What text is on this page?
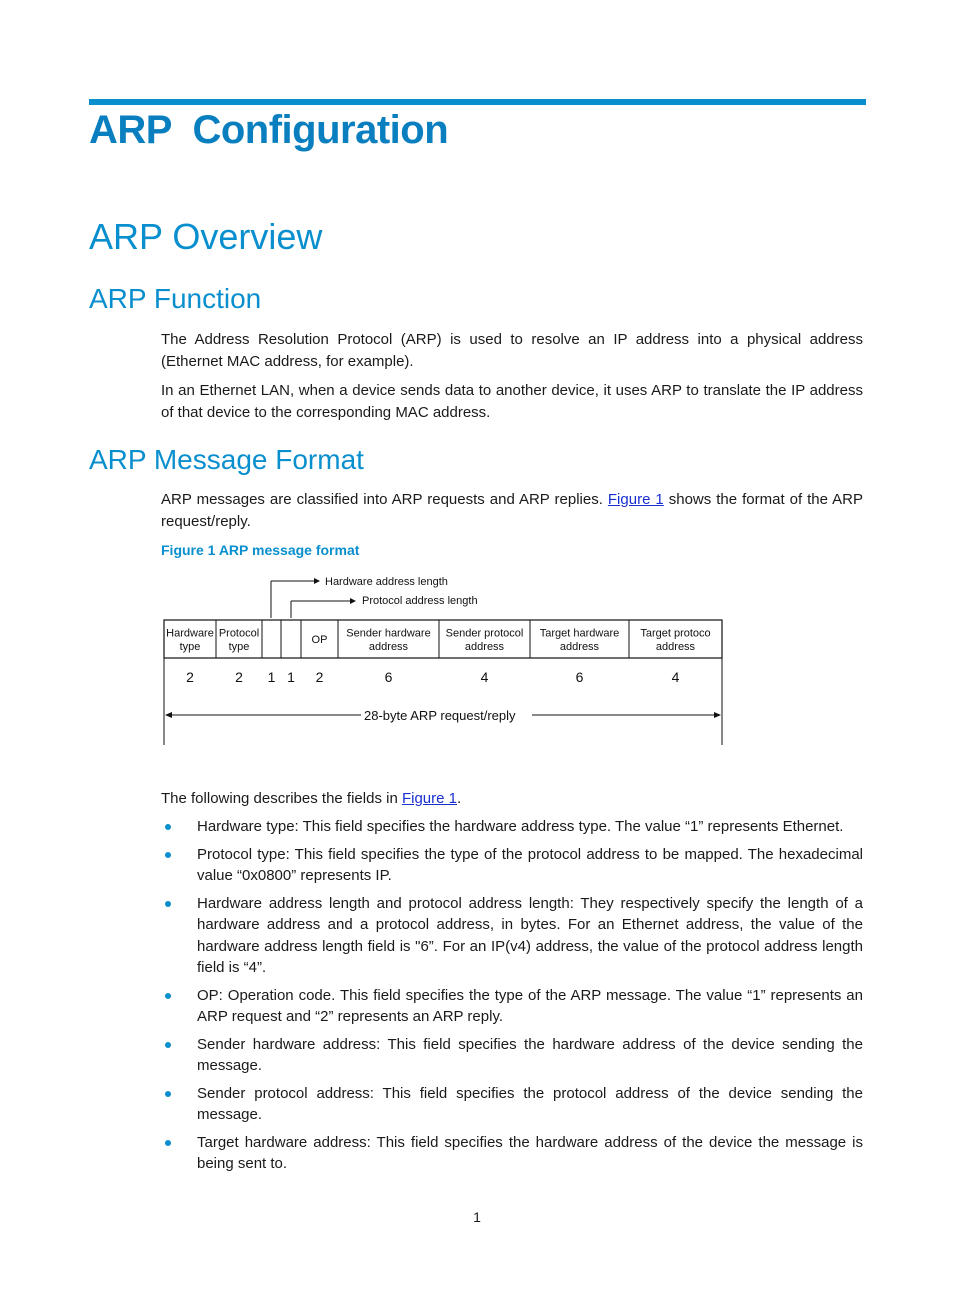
ARP  Configuration
ARP Overview
ARP Function

The Address Resolution Protocol (ARP) is used to resolve an IP address into a physical address (Ethernet MAC address, for example).

In an Ethernet LAN, when a device sends data to another device, it uses ARP to translate the IP address of that device to the corresponding MAC address.

ARP Message Format

ARP messages are classified into ARP requests and ARP replies. Figure 1 shows the format of the ARP request/reply.

Figure 1 ARP message format

Hardware address length
Protocol address length
Hardware
type
2
Protocol
type
2 1 1
OP
2
Sender hardware
address
6
Sender protocol
address
4
Target hardware
address
6
Target protoco
address
4
28-byte ARP request/reply

The following describes the fields in Figure 1.

Hardware type: This field specifies the hardware address type. The value “1” represents Ethernet.
Protocol type: This field specifies the type of the protocol address to be mapped. The hexadecimal value “0x0800” represents IP.
Hardware address length and protocol address length: They respectively specify the length of a hardware address and a protocol address, in bytes. For an Ethernet address, the value of the hardware address length field is "6”. For an IP(v4) address, the value of the protocol address length field is “4”.
OP: Operation code. This field specifies the type of the ARP message. The value “1” represents an ARP request and “2” represents an ARP reply.
Sender hardware address: This field specifies the hardware address of the device sending the message.
Sender protocol address: This field specifies the protocol address of the device sending the message.
Target hardware address: This field specifies the hardware address of the device the message is being sent to.
1
